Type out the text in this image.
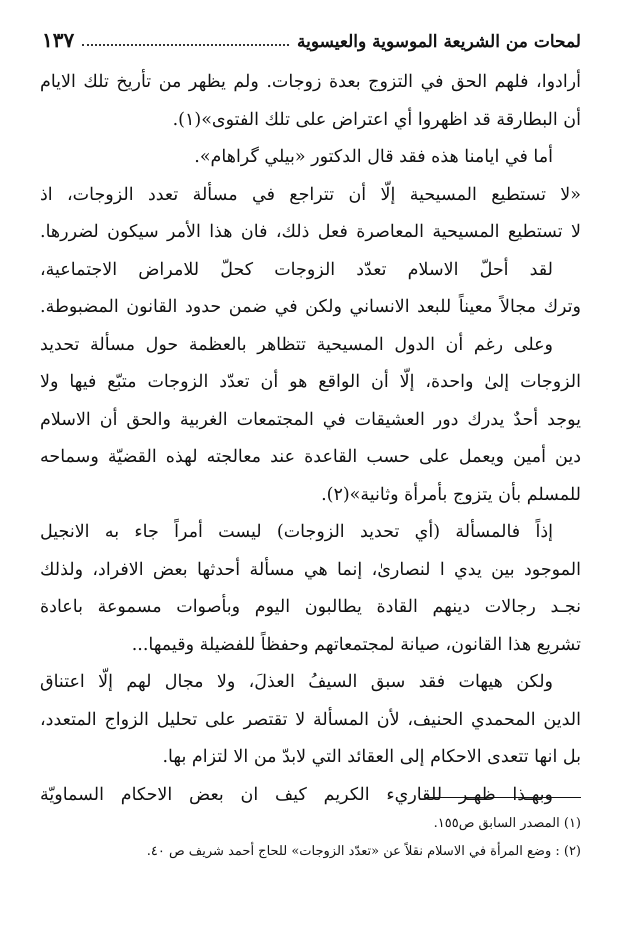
لمحات من الشريعة الموسوية والعيسوية
١٣٧
أرادوا، فلهم الحق في التزوج بعدة زوجات. ولم يظهر من تأريخ تلك الايام
أن البطارقة قد اظهروا أي اعتراض على تلك الفتوى»(١).
أما في ايامنا هذه فقد قال الدكتور «بيلي گراهام».
«لا تستطيع المسيحية إلّا أن تتراجع في مسألة تعدد الزوجات، اذ
لا تستطيع المسيحية المعاصرة فعل ذلك، فان هذا الأمر سيكون لضررها.
لقد أحلّ الاسلام تعدّد الزوجات كحلّ للامراض الاجتماعية،
وترك مجالاً معيناً للبعد الانساني ولكن في ضمن حدود القانون المضبوطة.
وعلى رغم أن الدول المسيحية تتظاهر بالعظمة حول مسألة تحديد
الزوجات إلىٰ واحدة، إلّا أن الواقع هو أن تعدّد الزوجات متبّع فيها ولا
يوجد أحدٌ يدرك دور العشيقات في المجتمعات الغربية والحق أن الاسلام
دين أمين ويعمل على حسب القاعدة عند معالجته لهذه القضيّة وسماحه
للمسلم بأن يتزوج بأمرأة وثانية»(٢).
إذاً فالمسألة (أي تحديد الزوجات) ليست أمراً جاء به الانجيل
الموجود بين يدي ا لنصارىٰ، إنما هي مسألة أحدثها بعض الافراد، ولذلك
نجـد رجالات دينهم القادة يطالبون اليوم وبأصوات مسموعة باعادة
تشريع هذا القانون، صيانة لمجتمعاتهم وحفظاً للفضيلة وقيمها...
ولكن هيهات فقد سبق السيفُ العذلَ، ولا مجال لهم إلّا اعتناق
الدين المحمدي الحنيف، لأن المسألة لا تقتصر على تحليل الزواج المتعدد،
بل انها تتعدى الاحكام إلى العقائد التي لابدّ من الا لتزام بها.
وبهـذا ظهـر للقاريء الكريم كيف ان بعض الاحكام السماويّة
(١) المصدر السابق ص١٥٥.
(٢) : وضع المرأة في الاسلام نقلاً عن «تعدّد الزوجات» للحاج أحمد شريف ص ٤٠.
